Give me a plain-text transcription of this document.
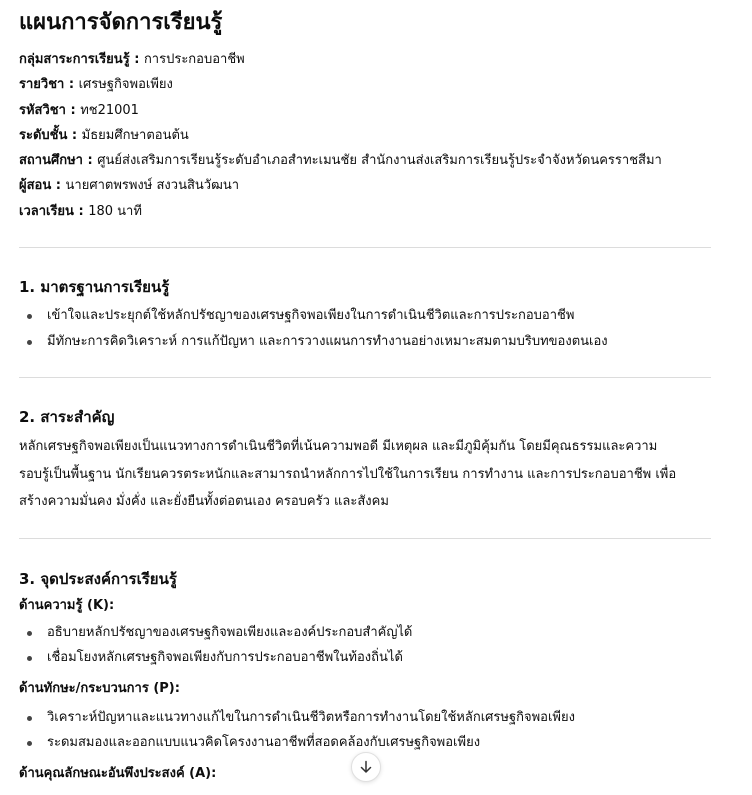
แผนการจัดการเรียนรู้
กลุ่มสาระการเรียนรู้ : การประกอบอาชีพ
รายวิชา : เศรษฐกิจพอเพียง
รหัสวิชา : ทช21001
ระดับชั้น : มัธยมศึกษาตอนต้น
สถานศึกษา : ศูนย์ส่งเสริมการเรียนรู้ระดับอำเภอสำทะเมนชัย สำนักงานส่งเสริมการเรียนรู้ประจำจังหวัดนครราชสีมา
ผู้สอน : นายศาตพรพงษ์ สงวนสินวัฒนา
เวลาเรียน : 180 นาที
1. มาตรฐานการเรียนรู้
เข้าใจและประยุกต์ใช้หลักปรัชญาของเศรษฐกิจพอเพียงในการดำเนินชีวิตและการประกอบอาชีพ
มีทักษะการคิดวิเคราะห์ การแก้ปัญหา และการวางแผนการทำงานอย่างเหมาะสมตามบริบทของตนเอง
2. สาระสำคัญ
หลักเศรษฐกิจพอเพียงเป็นแนวทางการดำเนินชีวิตที่เน้นความพอดี มีเหตุผล และมีภูมิคุ้มกัน โดยมีคุณธรรมและความ
รอบรู้เป็นพื้นฐาน นักเรียนควรตระหนักและสามารถนำหลักการไปใช้ในการเรียน การทำงาน และการประกอบอาชีพ เพื่อ
สร้างความมั่นคง มั่งคั่ง และยั่งยืนทั้งต่อตนเอง ครอบครัว และสังคม
3. จุดประสงค์การเรียนรู้
ด้านความรู้ (K):
อธิบายหลักปรัชญาของเศรษฐกิจพอเพียงและองค์ประกอบสำคัญได้
เชื่อมโยงหลักเศรษฐกิจพอเพียงกับการประกอบอาชีพในท้องถิ่นได้
ด้านทักษะ/กระบวนการ (P):
วิเคราะห์ปัญหาและแนวทางแก้ไขในการดำเนินชีวิตหรือการทำงานโดยใช้หลักเศรษฐกิจพอเพียง
ระดมสมองและออกแบบแนวคิดโครงงานอาชีพที่สอดคล้องกับเศรษฐกิจพอเพียง
ด้านคุณลักษณะอันพึงประสงค์ (A):
